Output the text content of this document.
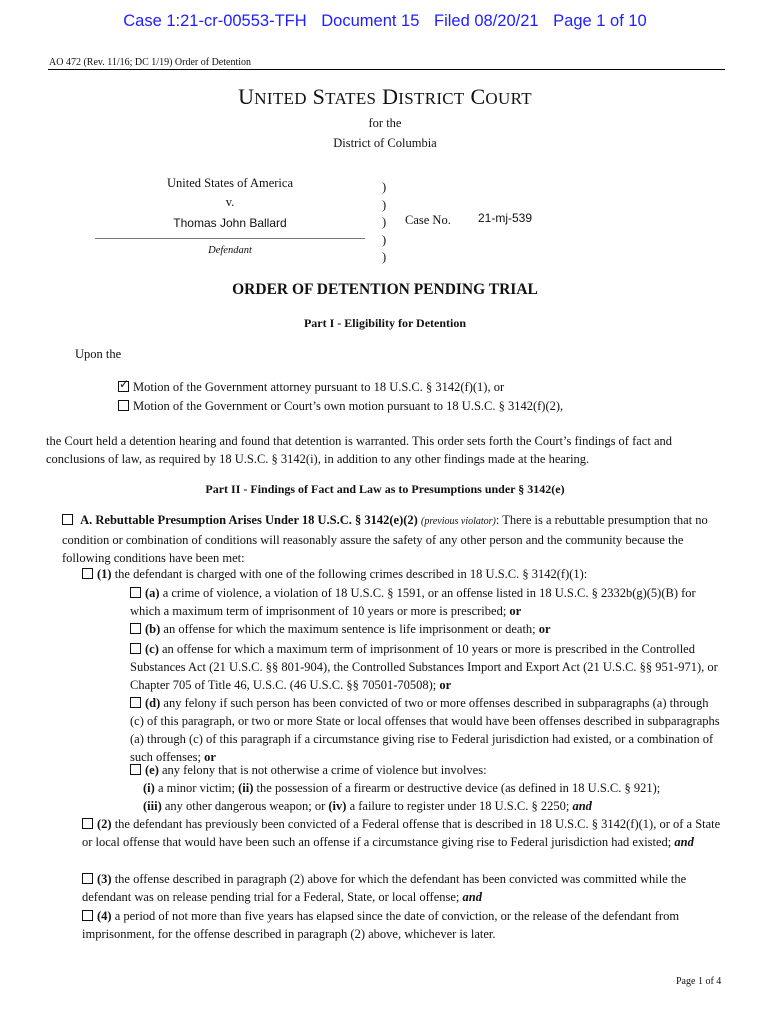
Case 1:21-cr-00553-TFH Document 15 Filed 08/20/21 Page 1 of 10
AO 472 (Rev. 11/16; DC 1/19) Order of Detention
UNITED STATES DISTRICT COURT
for the
District of Columbia
United States of America
v.
Thomas John Ballard
Defendant
)
)
)
)
)
Case No. 21-mj-539
ORDER OF DETENTION PENDING TRIAL
Part I - Eligibility for Detention
Upon the
✓Motion of the Government attorney pursuant to 18 U.S.C. § 3142(f)(1), or
Motion of the Government or Court’s own motion pursuant to 18 U.S.C. § 3142(f)(2),
the Court held a detention hearing and found that detention is warranted. This order sets forth the Court’s findings of fact and conclusions of law, as required by 18 U.S.C. § 3142(i), in addition to any other findings made at the hearing.
Part II - Findings of Fact and Law as to Presumptions under § 3142(e)
A. Rebuttable Presumption Arises Under 18 U.S.C. § 3142(e)(2) (previous violator): There is a rebuttable presumption that no condition or combination of conditions will reasonably assure the safety of any other person and the community because the following conditions have been met:
(1) the defendant is charged with one of the following crimes described in 18 U.S.C. § 3142(f)(1):
(a) a crime of violence, a violation of 18 U.S.C. § 1591, or an offense listed in 18 U.S.C. § 2332b(g)(5)(B) for which a maximum term of imprisonment of 10 years or more is prescribed; or
(b) an offense for which the maximum sentence is life imprisonment or death; or
(c) an offense for which a maximum term of imprisonment of 10 years or more is prescribed in the Controlled Substances Act (21 U.S.C. §§ 801-904), the Controlled Substances Import and Export Act (21 U.S.C. §§ 951-971), or Chapter 705 of Title 46, U.S.C. (46 U.S.C. §§ 70501-70508); or
(d) any felony if such person has been convicted of two or more offenses described in subparagraphs (a) through (c) of this paragraph, or two or more State or local offenses that would have been offenses described in subparagraphs (a) through (c) of this paragraph if a circumstance giving rise to Federal jurisdiction had existed, or a combination of such offenses; or
(e) any felony that is not otherwise a crime of violence but involves:
(i) a minor victim; (ii) the possession of a firearm or destructive device (as defined in 18 U.S.C. § 921);
(iii) any other dangerous weapon; or (iv) a failure to register under 18 U.S.C. § 2250; and
(2) the defendant has previously been convicted of a Federal offense that is described in 18 U.S.C. § 3142(f)(1), or of a State or local offense that would have been such an offense if a circumstance giving rise to Federal jurisdiction had existed; and
(3) the offense described in paragraph (2) above for which the defendant has been convicted was committed while the defendant was on release pending trial for a Federal, State, or local offense; and
(4) a period of not more than five years has elapsed since the date of conviction, or the release of the defendant from imprisonment, for the offense described in paragraph (2) above, whichever is later.
Page 1 of 4
